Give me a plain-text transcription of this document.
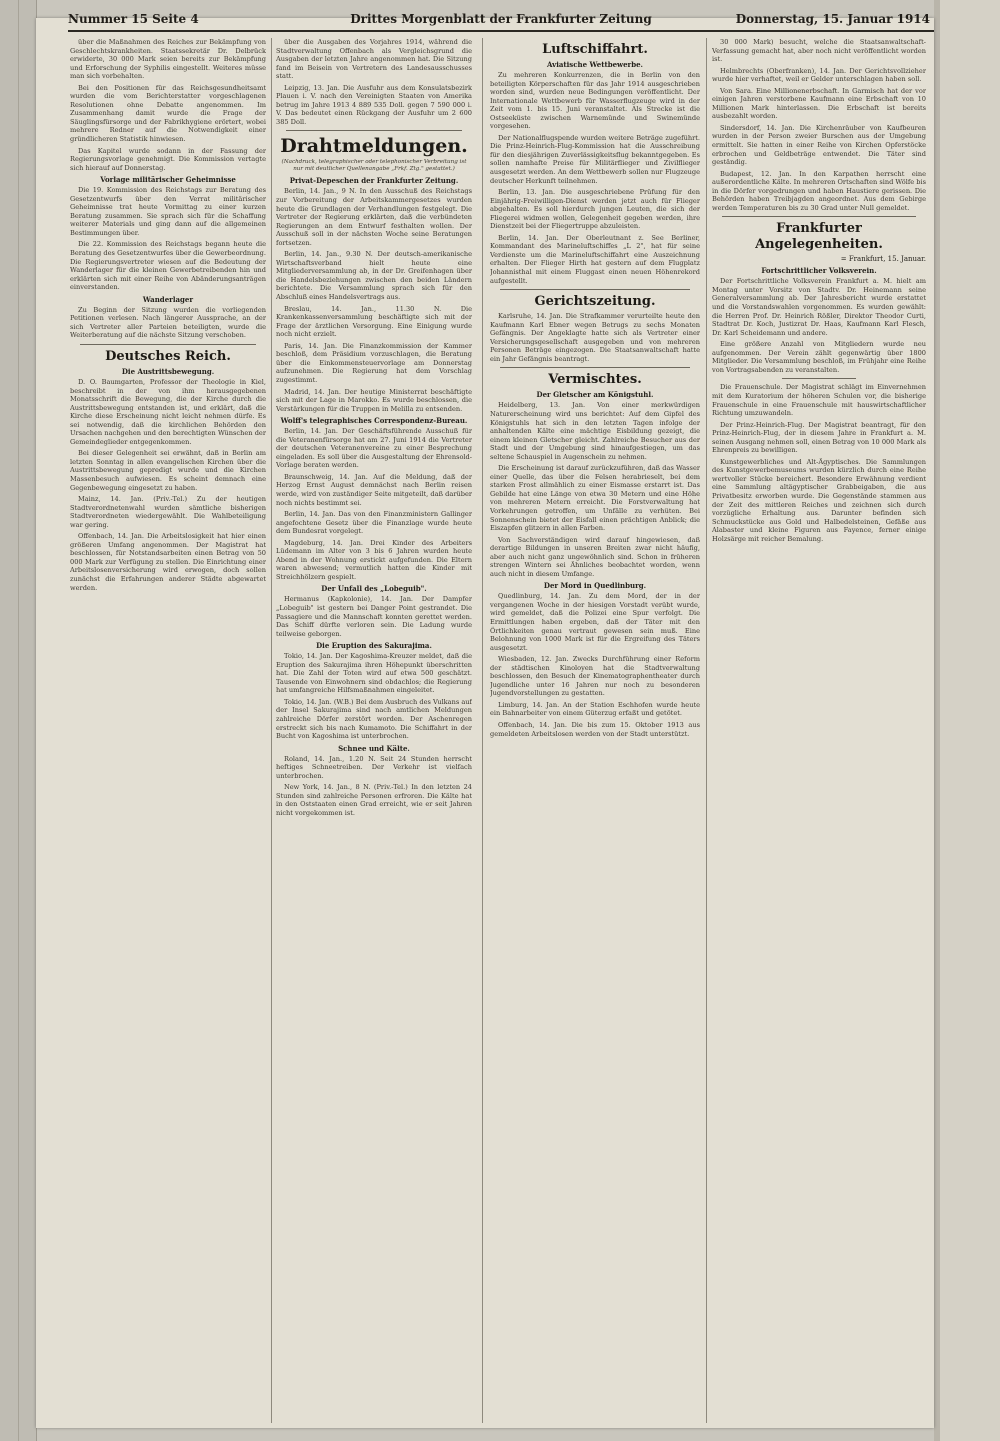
Nummer 15 Seite 4	Drittes Morgenblatt der Frankfurter Zeitung	Donnerstag, 15. Januar 1914

über die Maßnahmen des Reiches zur Bekämpfung von Geschlechtskrankheiten. Staatssekretär Dr. Delbrück erwiderte, 30 000 Mark seien bereits zur Bekämpfung und Erforschung der Syphilis eingestellt. Weiteres müsse man sich vorbehalten.

Bei den Positionen für das Reichsgesundheitsamt wurden die vom Berichterstatter vorgeschlagenen Resolutionen ohne Debatte angenommen. Im Zusammenhang damit wurde die Frage der Säuglingsfürsorge und der Fabrikhygiene erörtert, wobei mehrere Redner auf die Notwendigkeit einer gründlicheren Statistik hinwiesen.

Das Kapitel wurde sodann in der Fassung der Regierungsvorlage genehmigt. Die Kommission vertagte sich hierauf auf Donnerstag.

Vorlage militärischer Geheimnisse

Die 19. Kommission des Reichstags zur Beratung des Gesetzentwurfs über den Verrat militärischer Geheimnisse trat heute Vormittag zu einer kurzen Beratung zusammen. Sie sprach sich für die Schaffung weiterer Materials und ging dann auf die allgemeinen Bestimmungen über.

Die 22. Kommission des Reichstags begann heute die Beratung des Gesetzentwurfes über die Gewerbeordnung. Die Regierungsvertreter wiesen auf die Bedeutung der Wanderlager für die kleinen Gewerbetreibenden hin und erklärten sich mit einer Reihe von Abänderungsanträgen einverstanden.

Wanderlager

Zu Beginn der Sitzung wurden die vorliegenden Petitionen verlesen. Nach längerer Aussprache, an der sich Vertreter aller Parteien beteiligten, wurde die Weiterberatung auf die nächste Sitzung verschoben.

Deutsches Reich.
Die Austrittsbewegung.

D. O. Baumgarten, Professor der Theologie in Kiel, beschreibt in der von ihm herausgegebenen Monatsschrift die Bewegung, die der Kirche durch die Austrittsbewegung entstanden ist, und erklärt, daß die Kirche diese Erscheinung nicht leicht nehmen dürfe. Es sei notwendig, daß die kirchlichen Behörden den Ursachen nachgehen und den berechtigten Wünschen der Gemeindeglieder entgegenkommen.

Bei dieser Gelegenheit sei erwähnt, daß in Berlin am letzten Sonntag in allen evangelischen Kirchen über die Austrittsbewegung gepredigt wurde und die Kirchen Massenbesuch aufwiesen. Es scheint demnach eine Gegenbewegung eingesetzt zu haben.

Mainz, 14. Jan. (Priv.-Tel.) Zu der heutigen Stadtverordnetenwahl wurden sämtliche bisherigen Stadtverordneten wiedergewählt. Die Wahlbeteiligung war gering.

Offenbach, 14. Jan. Die Arbeitslosigkeit hat hier einen größeren Umfang angenommen. Der Magistrat hat beschlossen, für Notstandsarbeiten einen Betrag von 50 000 Mark zur Verfügung zu stellen. Die Einrichtung einer Arbeitslosenversicherung wird erwogen, doch sollen zunächst die Erfahrungen anderer Städte abgewartet werden.

über die Ausgaben des Vorjahres 1914, während die Stadtverwaltung Offenbach als Vergleichsgrund die Ausgaben der letzten Jahre angenommen hat. Die Sitzung fand im Beisein von Vertretern des Landesausschusses statt.

Leipzig, 13. Jan. Die Ausfuhr aus dem Konsulatsbezirk Plauen i. V. nach den Vereinigten Staaten von Amerika betrug im Jahre 1913 4 889 535 Doll. gegen 7 590 000 i. V. Das bedeutet einen Rückgang der Ausfuhr um 2 600 385 Doll.

Drahtmeldungen.
(Nachdruck, telegraphischer oder telephonischer Verbreitung ist nur mit deutlicher Quellenangabe „Frkf. Ztg." gestattet.)
Privat-Depeschen der Frankfurter Zeitung.

Berlin, 14. Jan., 9 N. In den Ausschuß des Reichstags zur Vorbereitung der Arbeitskammergesetzes wurden heute die Grundlagen der Verhandlungen festgelegt. Die Vertreter der Regierung erklärten, daß die verbündeten Regierungen an dem Entwurf festhalten wollen. Der Ausschuß soll in der nächsten Woche seine Beratungen fortsetzen.

Berlin, 14. Jan., 9.30 N. Der deutsch-amerikanische Wirtschaftsverband hielt heute eine Mitgliederversammlung ab, in der Dr. Greifenhagen über die Handelsbeziehungen zwischen den beiden Ländern berichtete. Die Versammlung sprach sich für den Abschluß eines Handelsvertrags aus.

Breslau, 14. Jan., 11.30 N. Die Krankenkassenversammlung beschäftigte sich mit der Frage der ärztlichen Versorgung. Eine Einigung wurde noch nicht erzielt.

Paris, 14. Jan. Die Finanzkommission der Kammer beschloß, dem Präsidium vorzuschlagen, die Beratung über die Einkommensteuervorlage am Donnerstag aufzunehmen. Die Regierung hat dem Vorschlag zugestimmt.

Madrid, 14. Jan. Der heutige Ministerrat beschäftigte sich mit der Lage in Marokko. Es wurde beschlossen, die Verstärkungen für die Truppen in Melilla zu entsenden.

Wolff's telegraphisches Correspondenz-Bureau.

Berlin, 14. Jan. Der Geschäftsführende Ausschuß für die Veteranenfürsorge hat am 27. Juni 1914 die Vertreter der deutschen Veteranenvereine zu einer Besprechung eingeladen. Es soll über die Ausgestaltung der Ehrensold-Vorlage beraten werden.

Braunschweig, 14. Jan. Auf die Meldung, daß der Herzog Ernst August demnächst nach Berlin reisen werde, wird von zuständiger Seite mitgeteilt, daß darüber noch nichts bestimmt sei.

Berlin, 14. Jan. Das von den Finanzministern Gallinger angefochtene Gesetz über die Finanzlage wurde heute dem Bundesrat vorgelegt.

Magdeburg, 14. Jan. Drei Kinder des Arbeiters Lüdemann im Alter von 3 bis 6 Jahren wurden heute Abend in der Wohnung erstickt aufgefunden. Die Eltern waren abwesend; vermutlich hatten die Kinder mit Streichhölzern gespielt.

Der Unfall des „Lobeguib".

Hermanus (Kapkolonie), 14. Jan. Der Dampfer „Lobeguib" ist gestern bei Danger Point gestrandet. Die Passagiere und die Mannschaft konnten gerettet werden. Das Schiff dürfte verloren sein. Die Ladung wurde teilweise geborgen.

Die Eruption des Sakurajima.

Tokio, 14. Jan. Der Kagoshima-Kreuzer meldet, daß die Eruption des Sakurajima ihren Höhepunkt überschritten hat. Die Zahl der Toten wird auf etwa 500 geschätzt. Tausende von Einwohnern sind obdachlos; die Regierung hat umfangreiche Hilfsmaßnahmen eingeleitet.

Tokio, 14. Jan. (W.B.) Bei dem Ausbruch des Vulkans auf der Insel Sakurajima sind nach amtlichen Meldungen zahlreiche Dörfer zerstört worden. Der Aschenregen erstreckt sich bis nach Kumamoto. Die Schiffahrt in der Bucht von Kagoshima ist unterbrochen.

Schnee und Kälte.

Roland, 14. Jan., 1.20 N. Seit 24 Stunden herrscht heftiges Schneetreiben. Der Verkehr ist vielfach unterbrochen.

New York, 14. Jan., 8 N. (Priv.-Tel.) In den letzten 24 Stunden sind zahlreiche Personen erfroren. Die Kälte hat in den Oststaaten einen Grad erreicht, wie er seit Jahren nicht vorgekommen ist.

Luftschiffahrt.
Aviatische Wettbewerbe.

Zu mehreren Konkurrenzen, die in Berlin von den beteiligten Körperschaften für das Jahr 1914 ausgeschrieben worden sind, wurden neue Bedingungen veröffentlicht. Der Internationale Wettbewerb für Wasserflugzeuge wird in der Zeit vom 1. bis 15. Juni veranstaltet. Als Strecke ist die Ostseeküste zwischen Warnemünde und Swinemünde vorgesehen.

Der Nationalflugspende wurden weitere Beträge zugeführt. Die Prinz-Heinrich-Flug-Kommission hat die Ausschreibung für den diesjährigen Zuverlässigkeitsflug bekanntgegeben. Es sollen namhafte Preise für Militärflieger und Zivilflieger ausgesetzt werden. An dem Wettbewerb sollen nur Flugzeuge deutscher Herkunft teilnehmen.

Berlin, 13. Jan. Die ausgeschriebene Prüfung für den Einjährig-Freiwilligen-Dienst werden jetzt auch für Flieger abgehalten. Es soll hierdurch jungen Leuten, die sich der Fliegerei widmen wollen, Gelegenheit gegeben werden, ihre Dienstzeit bei der Fliegertruppe abzuleisten.

Berlin, 14. Jan. Der Oberleutnant z. See Berliner, Kommandant des Marineluftschiffes „L 2", hat für seine Verdienste um die Marineluftschiffahrt eine Auszeichnung erhalten. Der Flieger Hirth hat gestern auf dem Flugplatz Johannisthal mit einem Fluggast einen neuen Höhenrekord aufgestellt.

Gerichtszeitung.

Karlsruhe, 14. Jan. Die Strafkammer verurteilte heute den Kaufmann Karl Ebner wegen Betrugs zu sechs Monaten Gefängnis. Der Angeklagte hatte sich als Vertreter einer Versicherungsgesellschaft ausgegeben und von mehreren Personen Beträge eingezogen. Die Staatsanwaltschaft hatte ein Jahr Gefängnis beantragt.

Vermischtes.
Der Gletscher am Königstuhl.

Heidelberg, 13. Jan. Von einer merkwürdigen Naturerscheinung wird uns berichtet: Auf dem Gipfel des Königstuhls hat sich in den letzten Tagen infolge der anhaltenden Kälte eine mächtige Eisbildung gezeigt, die einem kleinen Gletscher gleicht. Zahlreiche Besucher aus der Stadt und der Umgebung sind hinaufgestiegen, um das seltene Schauspiel in Augenschein zu nehmen.

Die Erscheinung ist darauf zurückzuführen, daß das Wasser einer Quelle, das über die Felsen herabrieselt, bei dem starken Frost allmählich zu einer Eismasse erstarrt ist. Das Gebilde hat eine Länge von etwa 30 Metern und eine Höhe von mehreren Metern erreicht. Die Forstverwaltung hat Vorkehrungen getroffen, um Unfälle zu verhüten. Bei Sonnenschein bietet der Eisfall einen prächtigen Anblick; die Eiszapfen glitzern in allen Farben.

Von Sachverständigen wird darauf hingewiesen, daß derartige Bildungen in unseren Breiten zwar nicht häufig, aber auch nicht ganz ungewöhnlich sind. Schon in früheren strengen Wintern sei Ähnliches beobachtet worden, wenn auch nicht in diesem Umfange.

Der Mord in Quedlinburg.

Quedlinburg, 14. Jan. Zu dem Mord, der in der vergangenen Woche in der hiesigen Vorstadt verübt wurde, wird gemeldet, daß die Polizei eine Spur verfolgt. Die Ermittlungen haben ergeben, daß der Täter mit den Örtlichkeiten genau vertraut gewesen sein muß. Eine Belohnung von 1000 Mark ist für die Ergreifung des Täters ausgesetzt.

Wiesbaden, 12. Jan. Zwecks Durchführung einer Reform der städtischen Kinoloyen hat die Stadtverwaltung beschlossen, den Besuch der Kinematographentheater durch Jugendliche unter 16 Jahren nur noch zu besonderen Jugendvorstellungen zu gestatten.

Limburg, 14. Jan. An der Station Eschhofen wurde heute ein Bahnarbeiter von einem Güterzug erfaßt und getötet.

Offenbach, 14. Jan. Die bis zum 15. Oktober 1913 aus gemeldeten Arbeitslosen werden von der Stadt unterstützt.

30 000 Mark) besucht, welche die Staatsanwaltschaft-Verfassung gemacht hat, aber noch nicht veröffentlicht worden ist.

Helmbrechts (Oberfranken), 14. Jan. Der Gerichtsvollzieher wurde hier verhaftet, weil er Gelder unterschlagen haben soll.

Von Sara. Eine Millionenerbschaft. In Garmisch hat der vor einigen Jahren verstorbene Kaufmann eine Erbschaft von 10 Millionen Mark hinterlassen. Die Erbschaft ist bereits ausbezahlt worden.

Sindersdorf, 14. Jan. Die Kirchenräuber von Kaufbeuren wurden in der Person zweier Burschen aus der Umgebung ermittelt. Sie hatten in einer Reihe von Kirchen Opferstöcke erbrochen und Geldbeträge entwendet. Die Täter sind geständig.

Budapest, 12. Jan. In den Karpathen herrscht eine außerordentliche Kälte. In mehreren Ortschaften sind Wölfe bis in die Dörfer vorgedrungen und haben Haustiere gerissen. Die Behörden haben Treibjagden angeordnet. Aus dem Gebirge werden Temperaturen bis zu 30 Grad unter Null gemeldet.

Frankfurter Angelegenheiten.
= Frankfurt, 15. Januar.
Fortschrittlicher Volksverein.

Der Fortschrittliche Volksverein Frankfurt a. M. hielt am Montag unter Vorsitz von Stadtv. Dr. Heinemann seine Generalversammlung ab. Der Jahresbericht wurde erstattet und die Vorstandswahlen vorgenommen. Es wurden gewählt: die Herren Prof. Dr. Heinrich Rößler, Direktor Theodor Curti, Stadtrat Dr. Koch, Justizrat Dr. Haas, Kaufmann Karl Flesch, Dr. Karl Scheidemann und andere.

Eine größere Anzahl von Mitgliedern wurde neu aufgenommen. Der Verein zählt gegenwärtig über 1800 Mitglieder. Die Versammlung beschloß, im Frühjahr eine Reihe von Vortragsabenden zu veranstalten.

Die Frauenschule. Der Magistrat schlägt im Einvernehmen mit dem Kuratorium der höheren Schulen vor, die bisherige Frauenschule in eine Frauenschule mit hauswirtschaftlicher Richtung umzuwandeln.

Der Prinz-Heinrich-Flug. Der Magistrat beantragt, für den Prinz-Heinrich-Flug, der in diesem Jahre in Frankfurt a. M. seinen Ausgang nehmen soll, einen Betrag von 10 000 Mark als Ehrenpreis zu bewilligen.

Kunstgewerbliches und Alt-Ägyptisches. Die Sammlungen des Kunstgewerbemuseums wurden kürzlich durch eine Reihe wertvoller Stücke bereichert. Besondere Erwähnung verdient eine Sammlung altägyptischer Grabbeigaben, die aus Privatbesitz erworben wurde. Die Gegenstände stammen aus der Zeit des mittleren Reiches und zeichnen sich durch vorzügliche Erhaltung aus. Darunter befinden sich Schmuckstücke aus Gold und Halbedelsteinen, Gefäße aus Alabaster und kleine Figuren aus Fayence, ferner einige Holzsärge mit reicher Bemalung.
